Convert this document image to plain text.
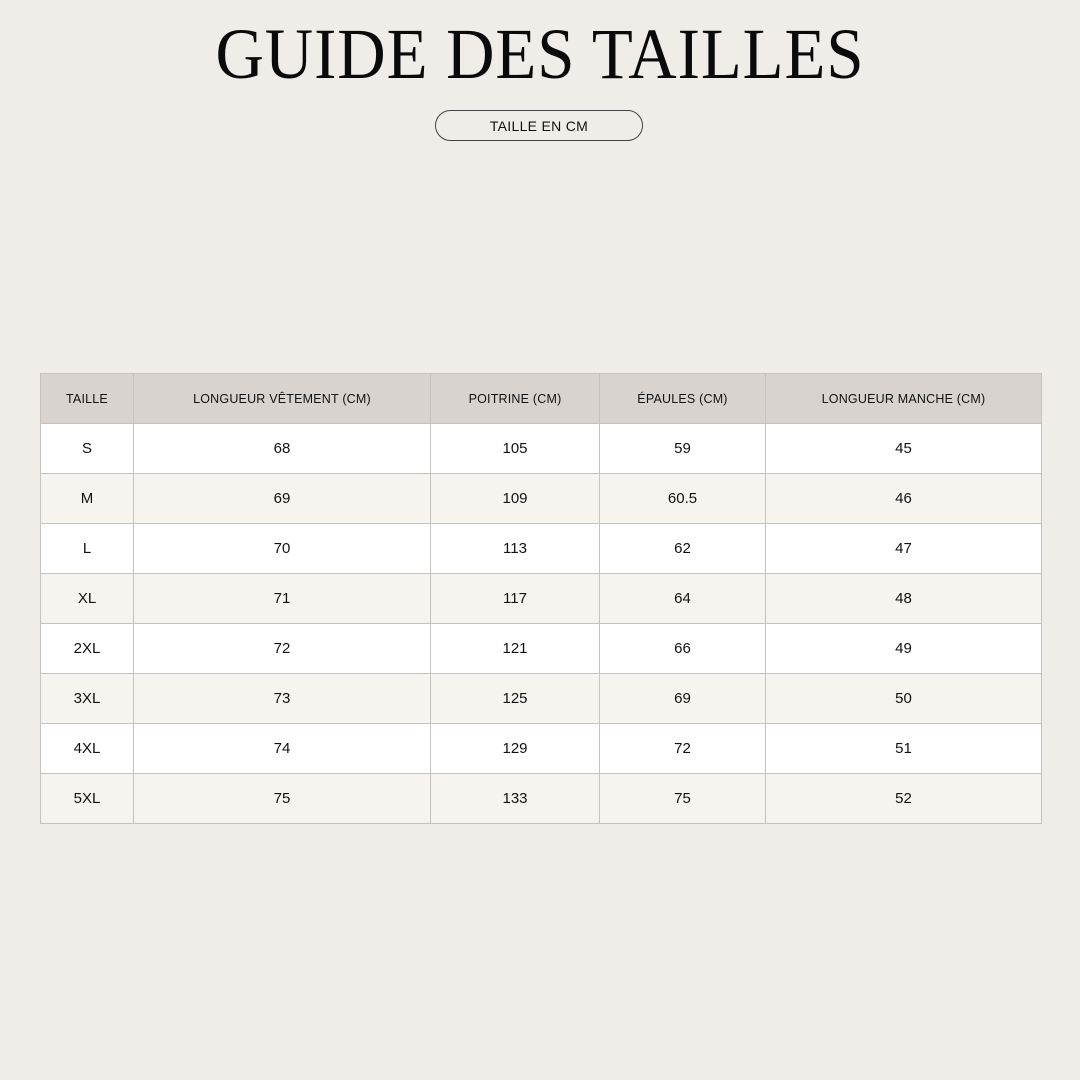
GUIDE DES TAILLES
TAILLE EN CM
TAILLE	LONGUEUR VÊTEMENT (CM)	POITRINE (CM)	ÉPAULES (CM)	LONGUEUR MANCHE (CM)
S	68	105	59	45
M	69	109	60.5	46
L	70	113	62	47
XL	71	117	64	48
2XL	72	121	66	49
3XL	73	125	69	50
4XL	74	129	72	51
5XL	75	133	75	52
